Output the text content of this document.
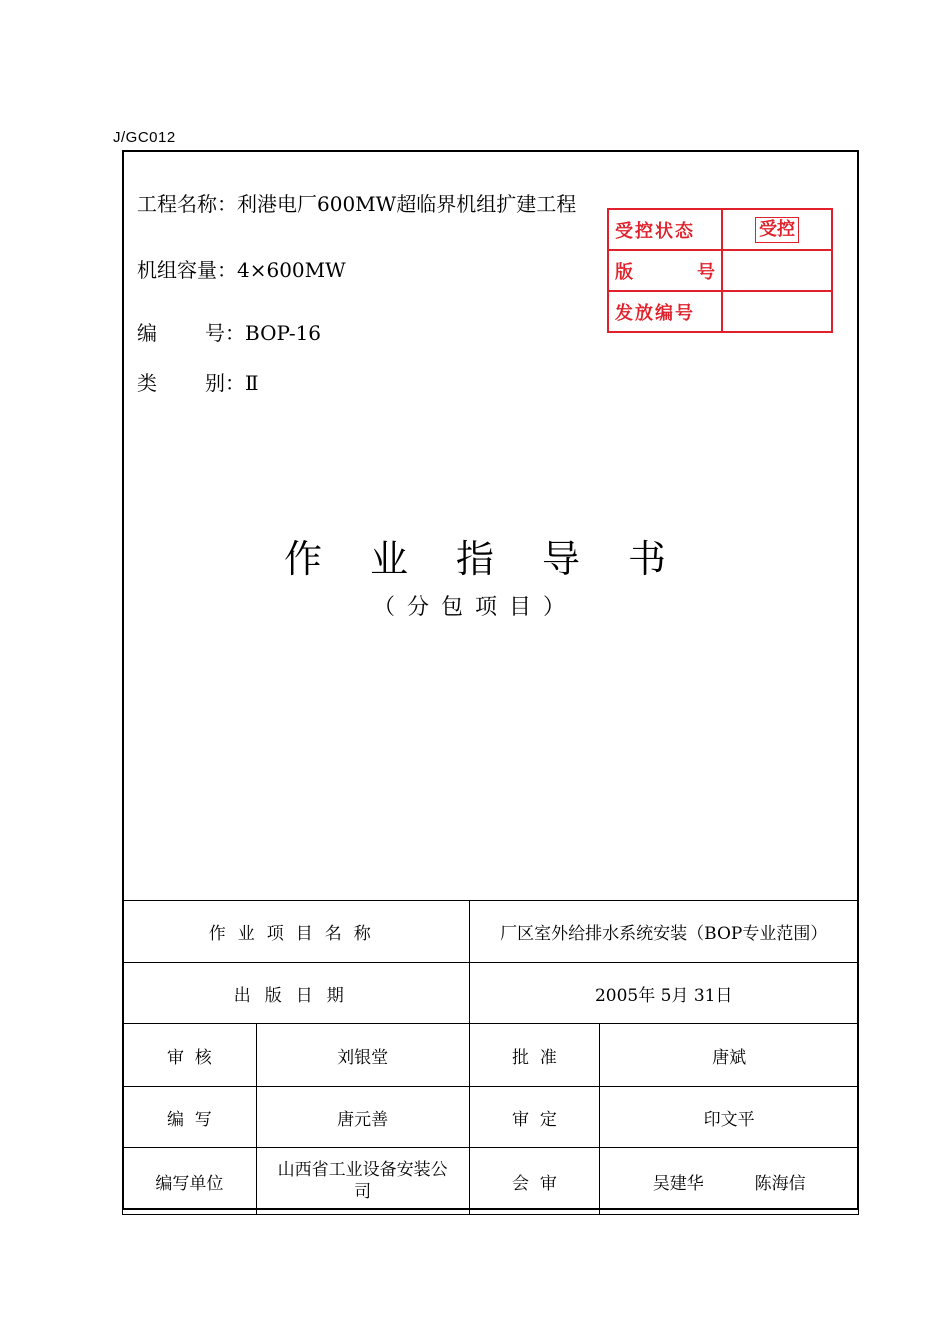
J/GC012
工程名称：利港电厂600MW超临界机组扩建工程
机组容量：4×600MW
编 号：BOP-16
类 别：Ⅱ
受控状态	受控

版 号	

发放编号	
作业指导书
（分包项目）
作业项目名称		厂区室外给排水系统安装（BOP专业范围）	
出版日期		2005年 5月 31日	
审  核	刘银堂	批  准	唐斌
编  写	唐元善	审  定	印文平
编写单位	山西省工业设备安装公司	会  审	吴建华 陈海信
